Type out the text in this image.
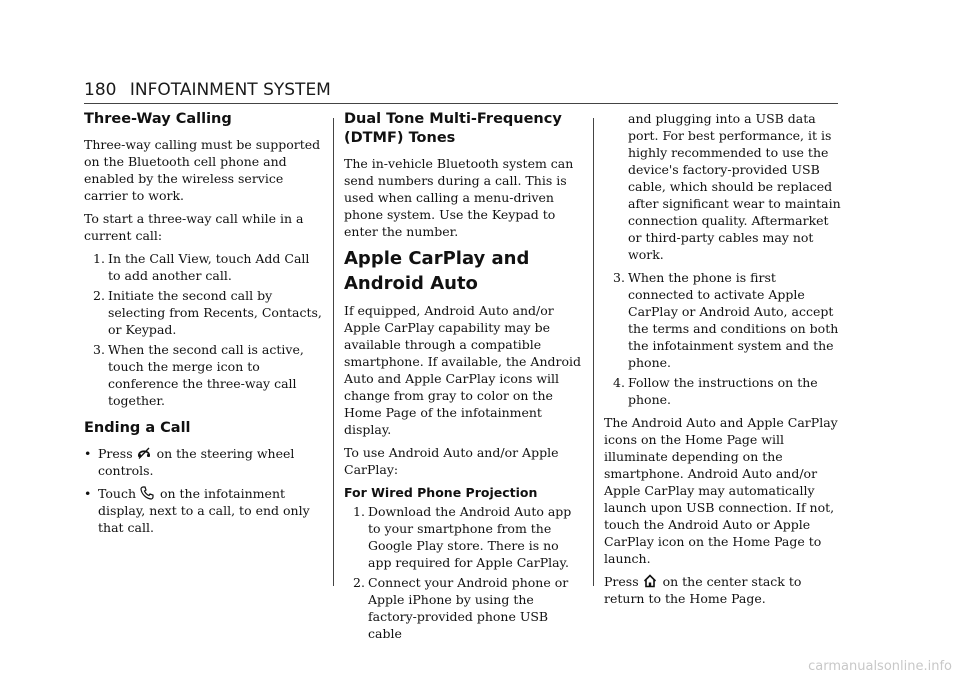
180 INFOTAINMENT SYSTEM
Three-Way Calling

Three-way calling must be supported on the Bluetooth cell phone and enabled by the wireless service carrier to work.

To start a three-way call while in a current call:

1. In the Call View, touch Add Call to add another call.
2. Initiate the second call by selecting from Recents, Contacts, or Keypad.
3. When the second call is active, touch the merge icon to conference the three-way call together.
Ending a Call
• Press on the steering wheel controls.
• Touch on the infotainment display, next to a call, to end only that call.
Dual Tone Multi-Frequency (DTMF) Tones

The in-vehicle Bluetooth system can send numbers during a call. This is used when calling a menu-driven phone system. Use the Keypad to enter the number.

Apple CarPlay and Android Auto

If equipped, Android Auto and/or Apple CarPlay capability may be available through a compatible smartphone. If available, the Android Auto and Apple CarPlay icons will change from gray to color on the Home Page of the infotainment display.

To use Android Auto and/or Apple CarPlay:

For Wired Phone Projection
1. Download the Android Auto app to your smartphone from the Google Play store. There is no app required for Apple CarPlay.
2. Connect your Android phone or Apple iPhone by using the factory-provided phone USB cable
and plugging into a USB data port. For best performance, it is highly recommended to use the device's factory-provided USB cable, which should be replaced after significant wear to maintain connection quality. Aftermarket or third-party cables may not work.
3. When the phone is first connected to activate Apple CarPlay or Android Auto, accept the terms and conditions on both the infotainment system and the phone.
4. Follow the instructions on the phone.

The Android Auto and Apple CarPlay icons on the Home Page will illuminate depending on the smartphone. Android Auto and/or Apple CarPlay may automatically launch upon USB connection. If not, touch the Android Auto or Apple CarPlay icon on the Home Page to launch.

Press on the center stack to return to the Home Page.

carmanualsonline.info
